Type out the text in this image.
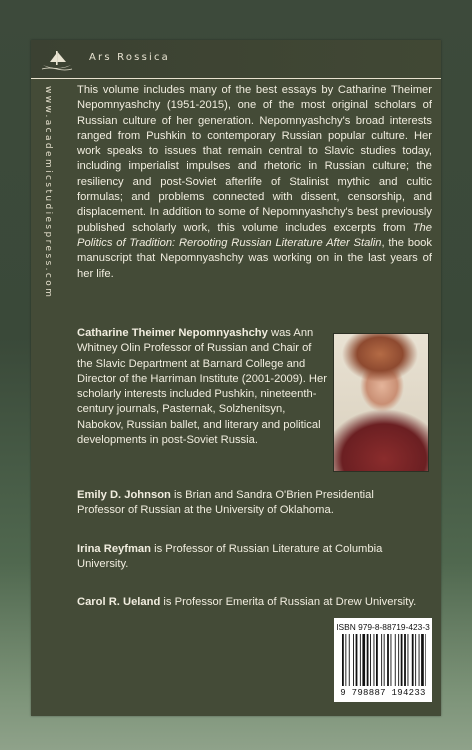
Ars Rossica
www.academicstudiespress.com This volume includes many of the best essays by Catharine Theimer Nepomnyashchy (1951-2015), one of the most original scholars of Russian culture of her generation. Nepomnyashchy's broad interests ranged from Pushkin to contemporary Russian popular culture. Her work speaks to issues that remain central to Slavic studies today, including imperialist impulses and rhetoric in Russian culture; the resiliency and post-Soviet afterlife of Stalinist mythic and cultic formulas; and problems connected with dissent, censorship, and displacement. In addition to some of Nepomnyashchy's best previously published scholarly work, this volume includes excerpts from The Politics of Tradition: Rerooting Russian Literature After Stalin, the book manuscript that Nepomnyashchy was working on in the last years of her life.

Catharine Theimer Nepomnyashchy was Ann Whitney Olin Professor of Russian and Chair of the Slavic Department at Barnard College and Director of the Harriman Institute (2001-2009). Her scholarly interests included Pushkin, nineteenth-century journals, Pasternak, Solzhenitsyn, Nabokov, Russian ballet, and literary and political developments in post-Soviet Russia.

Emily D. Johnson is Brian and Sandra O'Brien Presidential Professor of Russian at the University of Oklahoma.

Irina Reyfman is Professor of Russian Literature at Columbia University.

Carol R. Ueland is Professor Emerita of Russian at Drew University.

ISBN 979-8-88719-423-3
9 798887 194233
